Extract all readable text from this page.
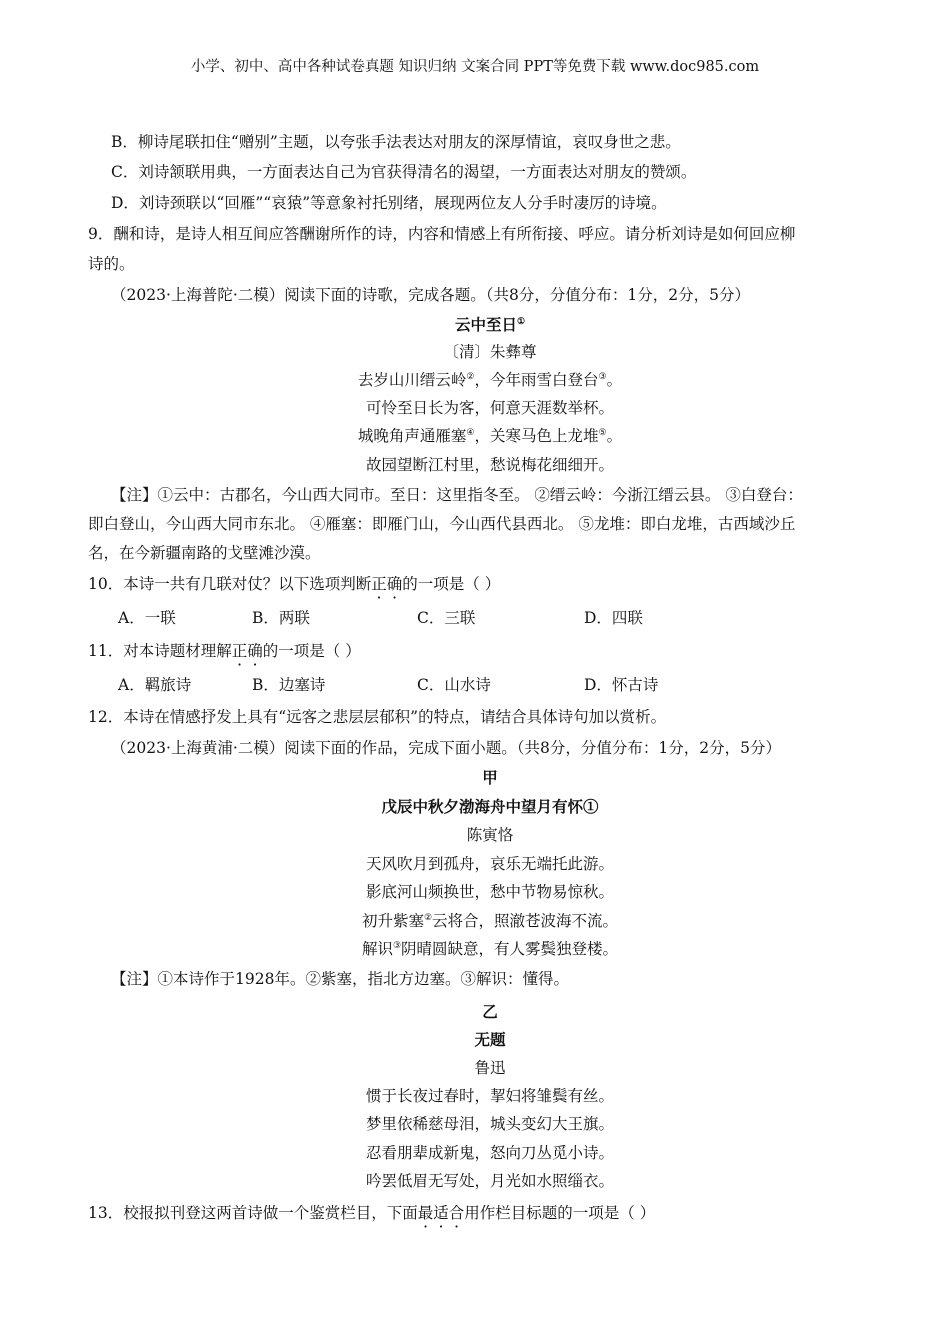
小学、初中、高中各种试卷真题 知识归纳 文案合同 PPT等免费下载 www.doc985.com
B．柳诗尾联扣住“赠别”主题，以夸张手法表达对朋友的深厚情谊，哀叹身世之悲。
C．刘诗颔联用典，一方面表达自己为官获得清名的渴望，一方面表达对朋友的赞颂。
D．刘诗颈联以“回雁”“哀猿”等意象衬托别绪，展现两位友人分手时凄厉的诗境。
9．酬和诗，是诗人相互间应答酬谢所作的诗，内容和情感上有所衔接、呼应。请分析刘诗是如何回应柳
诗的。
（2023·上海普陀·二模）阅读下面的诗歌，完成各题。（共8分，分值分布：1分，2分，5分）
云中至日①
〔清〕朱彝尊
去岁山川缙云岭②，今年雨雪白登台③。
可怜至日长为客，何意天涯数举杯。
城晚角声通雁塞④，关寒马色上龙堆⑤。
故园望断江村里，愁说梅花细细开。
【注】①云中：古郡名，今山西大同市。至日：这里指冬至。 ②缙云岭：今浙江缙云县。 ③白登台：
即白登山，今山西大同市东北。 ④雁塞：即雁门山，今山西代县西北。 ⑤龙堆：即白龙堆，古西域沙丘
名，在今新疆南路的戈壁滩沙漠。
10．本诗一共有几联对仗？以下选项判断正确的一项是（ ）
A．一联	B．两联	C．三联	D．四联
11．对本诗题材理解正确的一项是（ ）
A．羁旅诗	B．边塞诗	C．山水诗	D．怀古诗
12．本诗在情感抒发上具有“远客之悲层层郁积”的特点，请结合具体诗句加以赏析。
（2023·上海黄浦·二模）阅读下面的作品，完成下面小题。（共8分，分值分布：1分，2分，5分）
甲
戊辰中秋夕渤海舟中望月有怀①
陈寅恪
天风吹月到孤舟，哀乐无端托此游。
影底河山频换世，愁中节物易惊秋。
初升紫塞②云将合，照澈苍波海不流。
解识③阴晴圆缺意，有人雾鬓独登楼。
【注】①本诗作于1928年。②紫塞，指北方边塞。③解识：懂得。
乙
无题
鲁迅
惯于长夜过春时，挈妇将雏鬓有丝。
梦里依稀慈母泪，城头变幻大王旗。
忍看朋辈成新鬼，怒向刀丛觅小诗。
吟罢低眉无写处，月光如水照缁衣。
13．校报拟刊登这两首诗做一个鉴赏栏目，下面最适合用作栏目标题的一项是（ ）
